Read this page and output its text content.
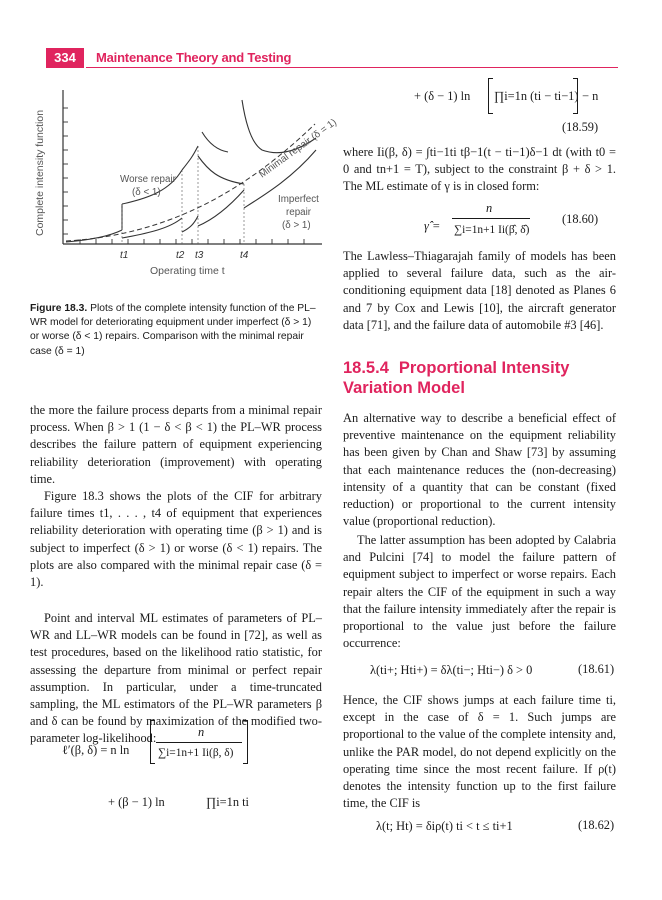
334	Maintenance Theory and Testing
Complete intensity function	Worse repair
(δ < 1)
Minimal repair (δ = 1)
Imperfect
repair
(δ > 1)
t1	t2 t3	t4
Operating time t
Figure 18.3. Plots of the complete intensity function of the PL–WR model for deteriorating equipment under imperfect (δ > 1) or worse (δ < 1) repairs. Comparison with the minimal repair case (δ = 1)

the more the failure process departs from a minimal repair process. When β > 1 (1 − δ < β < 1) the PL–WR process describes the failure pattern of equipment experiencing reliability deterioration (improvement) with operating time.

Figure 18.3 shows the plots of the CIF for arbitrary failure times t1, . . . , t4 of equipment that experiences reliability deterioration with operating time (β > 1) and is subject to imperfect (δ > 1) or worse (δ < 1) repairs. The plots are also compared with the minimal repair case (δ = 1).

Point and interval ML estimates of parameters of PL–WR and LL–WR models can be found in [72], as well as test procedures, based on the likelihood ratio statistic, for assessing the departure from minimal or perfect repair assumption. In particular, under a time-truncated sampling, the ML estimators of the PL–WR parameters β and δ can be found by maximization of the modified two-parameter log-likelihood:

ℓ′(β, δ) = n ln
n
∑i=1n+1 Ii(β, δ)
+ (β − 1) ln	∏i=1n ti
+ (δ − 1) ln ∏i=1n (ti − ti−1) − n
(18.59)

where Ii(β, δ) = ∫ti−1ti tβ−1(t − ti−1)δ−1 dt (with t0 = 0 and tn+1 = T), subject to the constraint β + δ > 1. The ML estimate of γ is in closed form:

γ̂ =
n
∑i=1n+1 Ii(β̂, δ̂)
(18.60)

The Lawless–Thiagarajah family of models has been applied to several failure data, such as the air-conditioning equipment data [18] denoted as Planes 6 and 7 by Cox and Lewis [10], the aircraft generator data [71], and the failure data of automobile #3 [46].

18.5.4 Proportional Intensity Variation Model

An alternative way to describe a beneficial effect of preventive maintenance on the equipment reliability has been given by Chan and Shaw [73] by assuming that each maintenance reduces the (non-decreasing) intensity of a quantity that can be constant (fixed reduction) or proportional to the current intensity value (proportional reduction).

The latter assumption has been adopted by Calabria and Pulcini [74] to model the failure pattern of equipment subject to imperfect or worse repairs. Each repair alters the CIF of the equipment in such a way that the failure intensity immediately after the repair is proportional to the value just before the failure occurrence:

λ(ti+; Hti+) = δλ(ti−; Hti−) δ > 0	(18.61)

Hence, the CIF shows jumps at each failure time ti, except in the case of δ = 1. Such jumps are proportional to the value of the complete intensity and, unlike the PAR model, do not depend explicitly on the operating time since the most recent failure. If ρ(t) denotes the intensity function up to the first failure time, the CIF is

λ(t; Ht) = δiρ(t) ti < t ≤ ti+1	(18.62)
